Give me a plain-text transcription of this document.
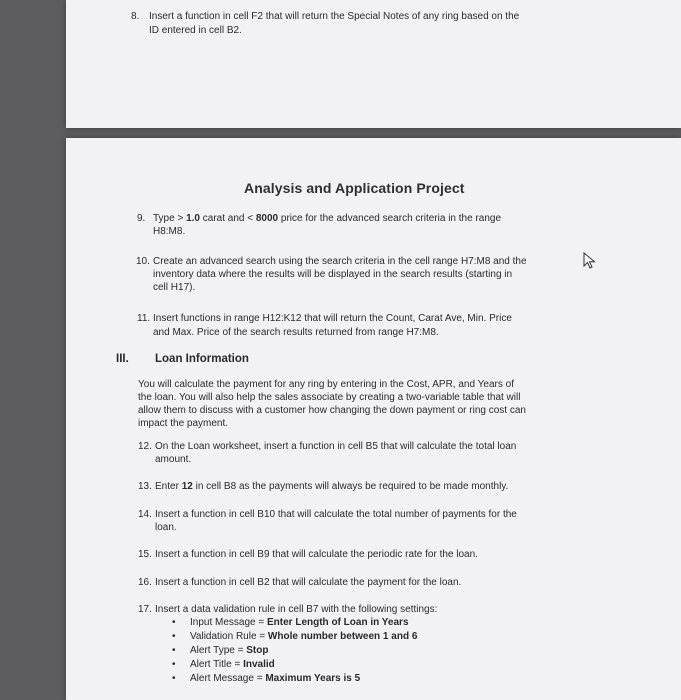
8. Insert a function in cell F2 that will return the Special Notes of any ring based on the
ID entered in cell B2.
Analysis and Application Project
9. Type > 1.0 carat and < 8000 price for the advanced search criteria in the range
H8:M8.
10. Create an advanced search using the search criteria in the cell range H7:M8 and the
inventory data where the results will be displayed in the search results (starting in
cell H17).
11. Insert functions in range H12:K12 that will return the Count, Carat Ave, Min. Price
and Max. Price of the search results returned from range H7:M8.
III. Loan Information
You will calculate the payment for any ring by entering in the Cost, APR, and Years of
the loan. You will also help the sales associate by creating a two-variable table that will
allow them to discuss with a customer how changing the down payment or ring cost can
impact the payment.
12. On the Loan worksheet, insert a function in cell B5 that will calculate the total loan
amount.
13. Enter 12 in cell B8 as the payments will always be required to be made monthly.
14. Insert a function in cell B10 that will calculate the total number of payments for the
loan.
15. Insert a function in cell B9 that will calculate the periodic rate for the loan.
16. Insert a function in cell B2 that will calculate the payment for the loan.
17. Insert a data validation rule in cell B7 with the following settings:
• Input Message = Enter Length of Loan in Years
• Validation Rule = Whole number between 1 and 6
• Alert Type = Stop
• Alert Title = Invalid
• Alert Message = Maximum Years is 5
